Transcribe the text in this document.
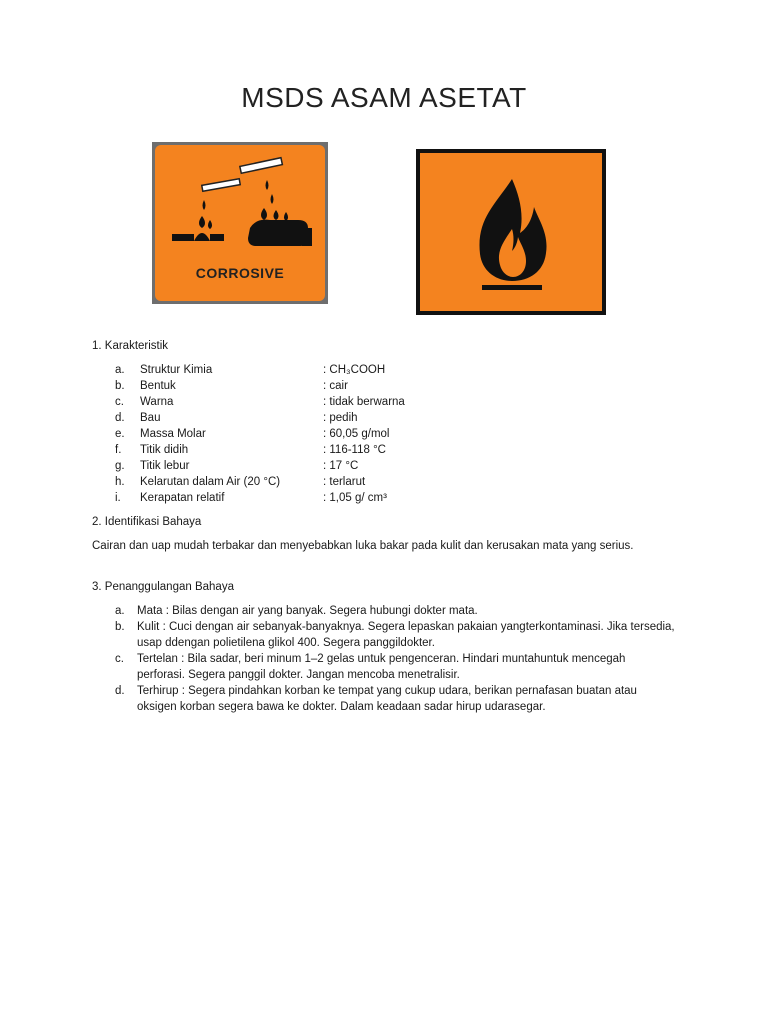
MSDS ASAM ASETAT
CORROSIVE
1. Karakteristik
a.	Struktur Kimia	: CH₃COOH
b.	Bentuk	: cair
c.	Warna	: tidak berwarna
d.	Bau	: pedih
e.	Massa Molar	: 60,05 g/mol
f.	Titik didih	: 116-118 °C
g.	Titik lebur	: 17 °C
h.	Kelarutan dalam Air (20 °C)	: terlarut
i.	Kerapatan relatif	: 1,05 g/ cm³
2. Identifikasi Bahaya
Cairan dan uap mudah terbakar dan menyebabkan luka bakar pada kulit dan kerusakan mata yang serius.
3. Penanggulangan Bahaya
a.	Mata : Bilas dengan air yang banyak. Segera hubungi dokter mata.
b.	Kulit : Cuci dengan air sebanyak-banyaknya. Segera lepaskan pakaian yangterkontaminasi. Jika tersedia, usap ddengan polietilena glikol 400. Segera panggildokter.
c.	Tertelan : Bila sadar, beri minum 1–2 gelas untuk pengenceran. Hindari muntahuntuk mencegah perforasi. Segera panggil dokter. Jangan mencoba menetralisir.
d.	Terhirup : Segera pindahkan korban ke tempat yang cukup udara, berikan pernafasan buatan atau oksigen korban segera bawa ke dokter. Dalam keadaan sadar hirup udarasegar.
